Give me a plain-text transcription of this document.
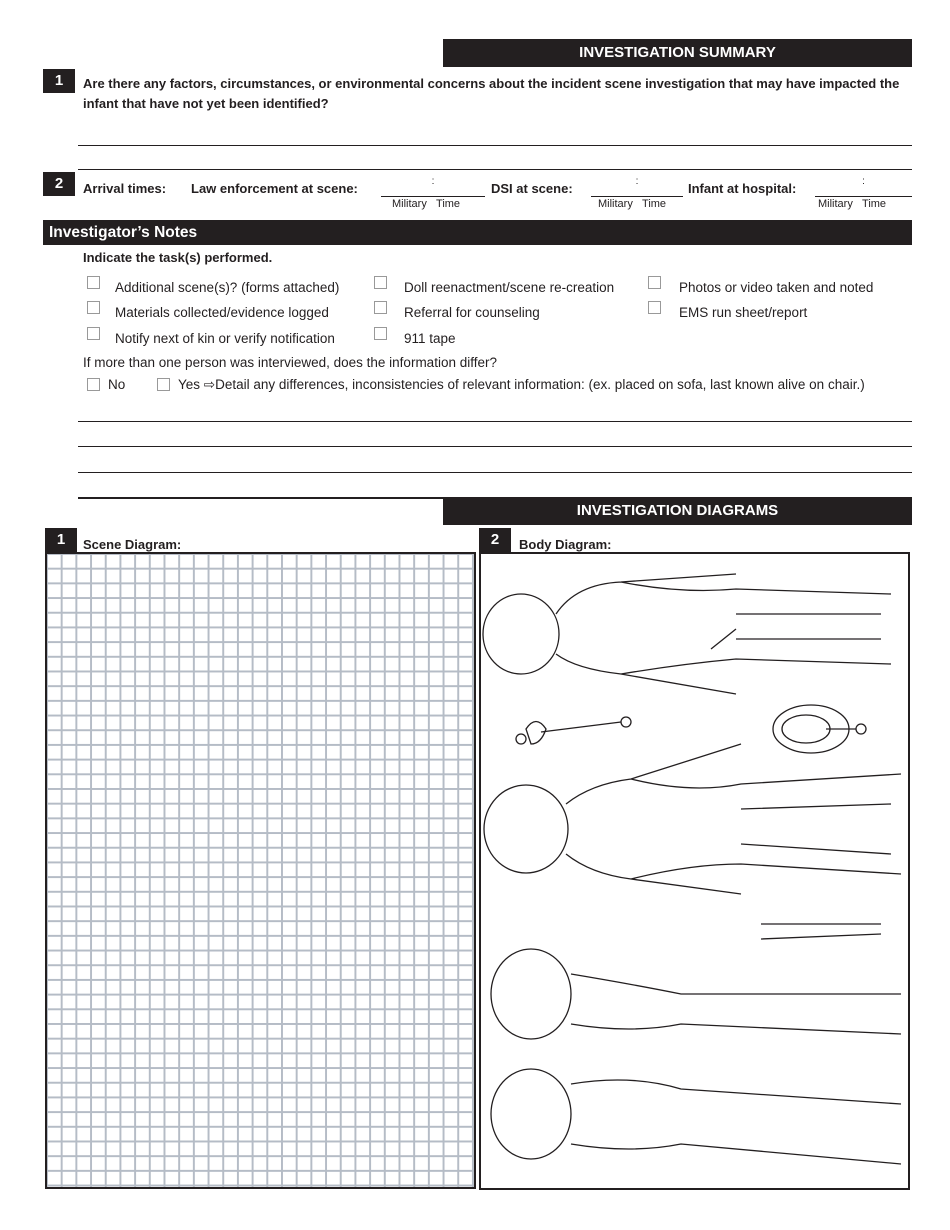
INVESTIGATION SUMMARY
1	Are there any factors, circumstances, or environmental concerns about the incident scene investigation that may have impacted the infant that have not yet been identified?
2	Arrival times: Law enforcement at scene:	:
Military Time
DSI at scene:	:
Military Time
Infant at hospital:	:
Military Time
Investigator’s Notes
Indicate the task(s) performed.
Additional scene(s)? (forms attached)	Doll reenactment/scene re-creation	Photos or video taken and noted
Materials collected/evidence logged	Referral for counseling	EMS run sheet/report
Notify next of kin or verify notification	911 tape
If more than one person was interviewed, does the information differ?
No	Yes ⇨Detail any differences, inconsistencies of relevant information: (ex. placed on sofa, last known alive on chair.)
INVESTIGATION DIAGRAMS
1	Scene Diagram:	2	Body Diagram:
